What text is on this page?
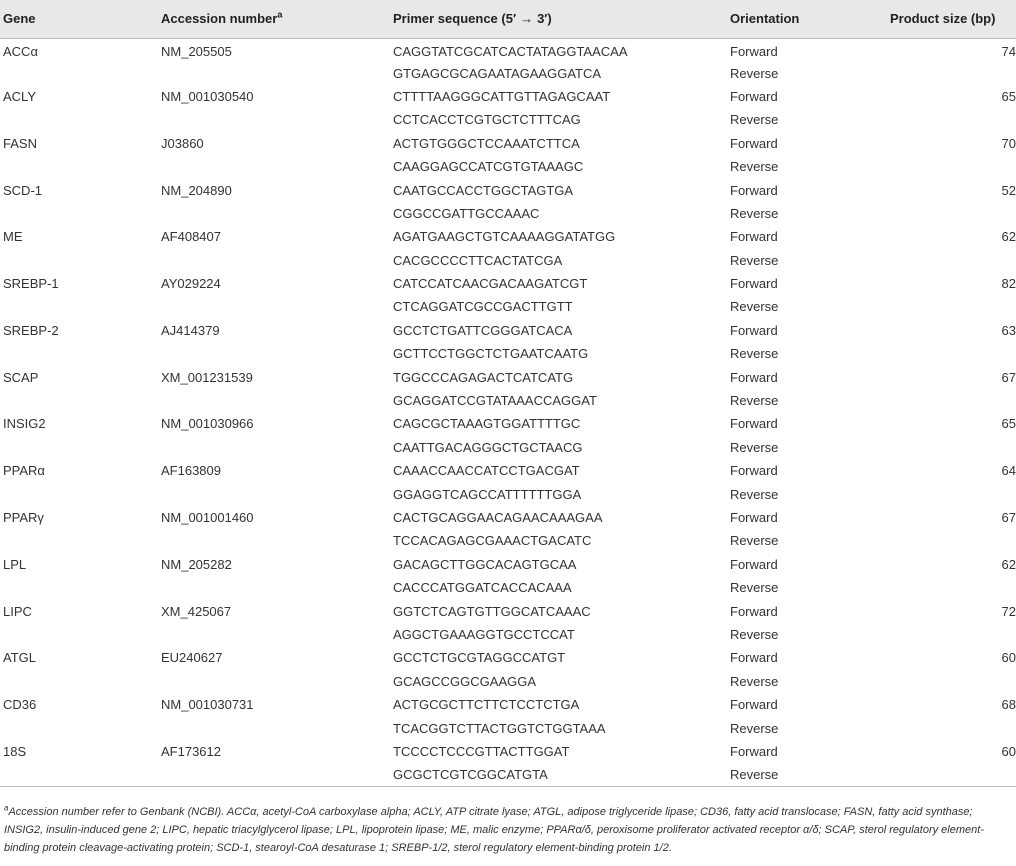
Gene	Accession number$^a$	Primer sequence (5′ → 3′)	Orientation	Product size (bp)
ACCα	NM_205505	CAGGTATCGCATCACTATAGGTAACAA	Forward	74
		GTGAGCGCAGAATAGAAGGATCA	Reverse	
ACLY	NM_001030540	CTTTTAAGGGCATTGTTAGAGCAAT	Forward	65
		CCTCACCTCGTGCTCTTTCAG	Reverse	
FASN	J03860	ACTGTGGGCTCCAAATCTTCA	Forward	70
		CAAGGAGCCATCGTGTAAAGC	Reverse	
SCD-1	NM_204890	CAATGCCACCTGGCTAGTGA	Forward	52
		CGGCCGATTGCCAAAC	Reverse	
ME	AF408407	AGATGAAGCTGTCAAAAGGATATGG	Forward	62
		CACGCCCCTTCACTATCGA	Reverse	
SREBP-1	AY029224	CATCCATCAACGACAAGATCGT	Forward	82
		CTCAGGATCGCCGACTTGTT	Reverse	
SREBP-2	AJ414379	GCCTCTGATTCGGGATCACA	Forward	63
		GCTTCCTGGCTCTGAATCAATG	Reverse	
SCAP	XM_001231539	TGGCCCAGAGACTCATCATG	Forward	67
		GCAGGATCCGTATAAACCAGGAT	Reverse	
INSIG2	NM_001030966	CAGCGCTAAAGTGGATTTTGC	Forward	65
		CAATTGACAGGGCTGCTAACG	Reverse	
PPARα	AF163809	CAAACCAACCATCCTGACGAT	Forward	64
		GGAGGTCAGCCATTTTTTGGA	Reverse	
PPARγ	NM_001001460	CACTGCAGGAACAGAACAAAGAA	Forward	67
		TCCACAGAGCGAAACTGACATC	Reverse	
LPL	NM_205282	GACAGCTTGGCACAGTGCAA	Forward	62
		CACCCATGGATCACCACAAA	Reverse	
LIPC	XM_425067	GGTCTCAGTGTTGGCATCAAAC	Forward	72
		AGGCTGAAAGGTGCCTCCAT	Reverse	
ATGL	EU240627	GCCTCTGCGTAGGCCATGT	Forward	60
		GCAGCCGGCGAAGGA	Reverse	
CD36	NM_001030731	ACTGCGCTTCTTCTCCTCTGA	Forward	68
		TCACGGTCTTACTGGTCTGGTAAA	Reverse	
18S	AF173612	TCCCCTCCCGTTACTTGGAT	Forward	60
		GCGCTCGTCGGCATGTA	Reverse	
$^a$Accession number refer to Genbank (NCBI). ACCα, acetyl-CoA carboxylase alpha; ACLY, ATP citrate lyase; ATGL, adipose triglyceride lipase; CD36, fatty acid translocase; FASN, fatty acid synthase; INSIG2, insulin-induced gene 2; LIPC, hepatic triacylglycerol lipase; LPL, lipoprotein lipase; ME, malic enzyme; PPARα/δ, peroxisome proliferator activated receptor α/δ; SCAP, sterol regulatory element-binding protein cleavage-activating protein; SCD-1, stearoyl-CoA desaturase 1; SREBP-1/2, sterol regulatory element-binding protein 1/2.
